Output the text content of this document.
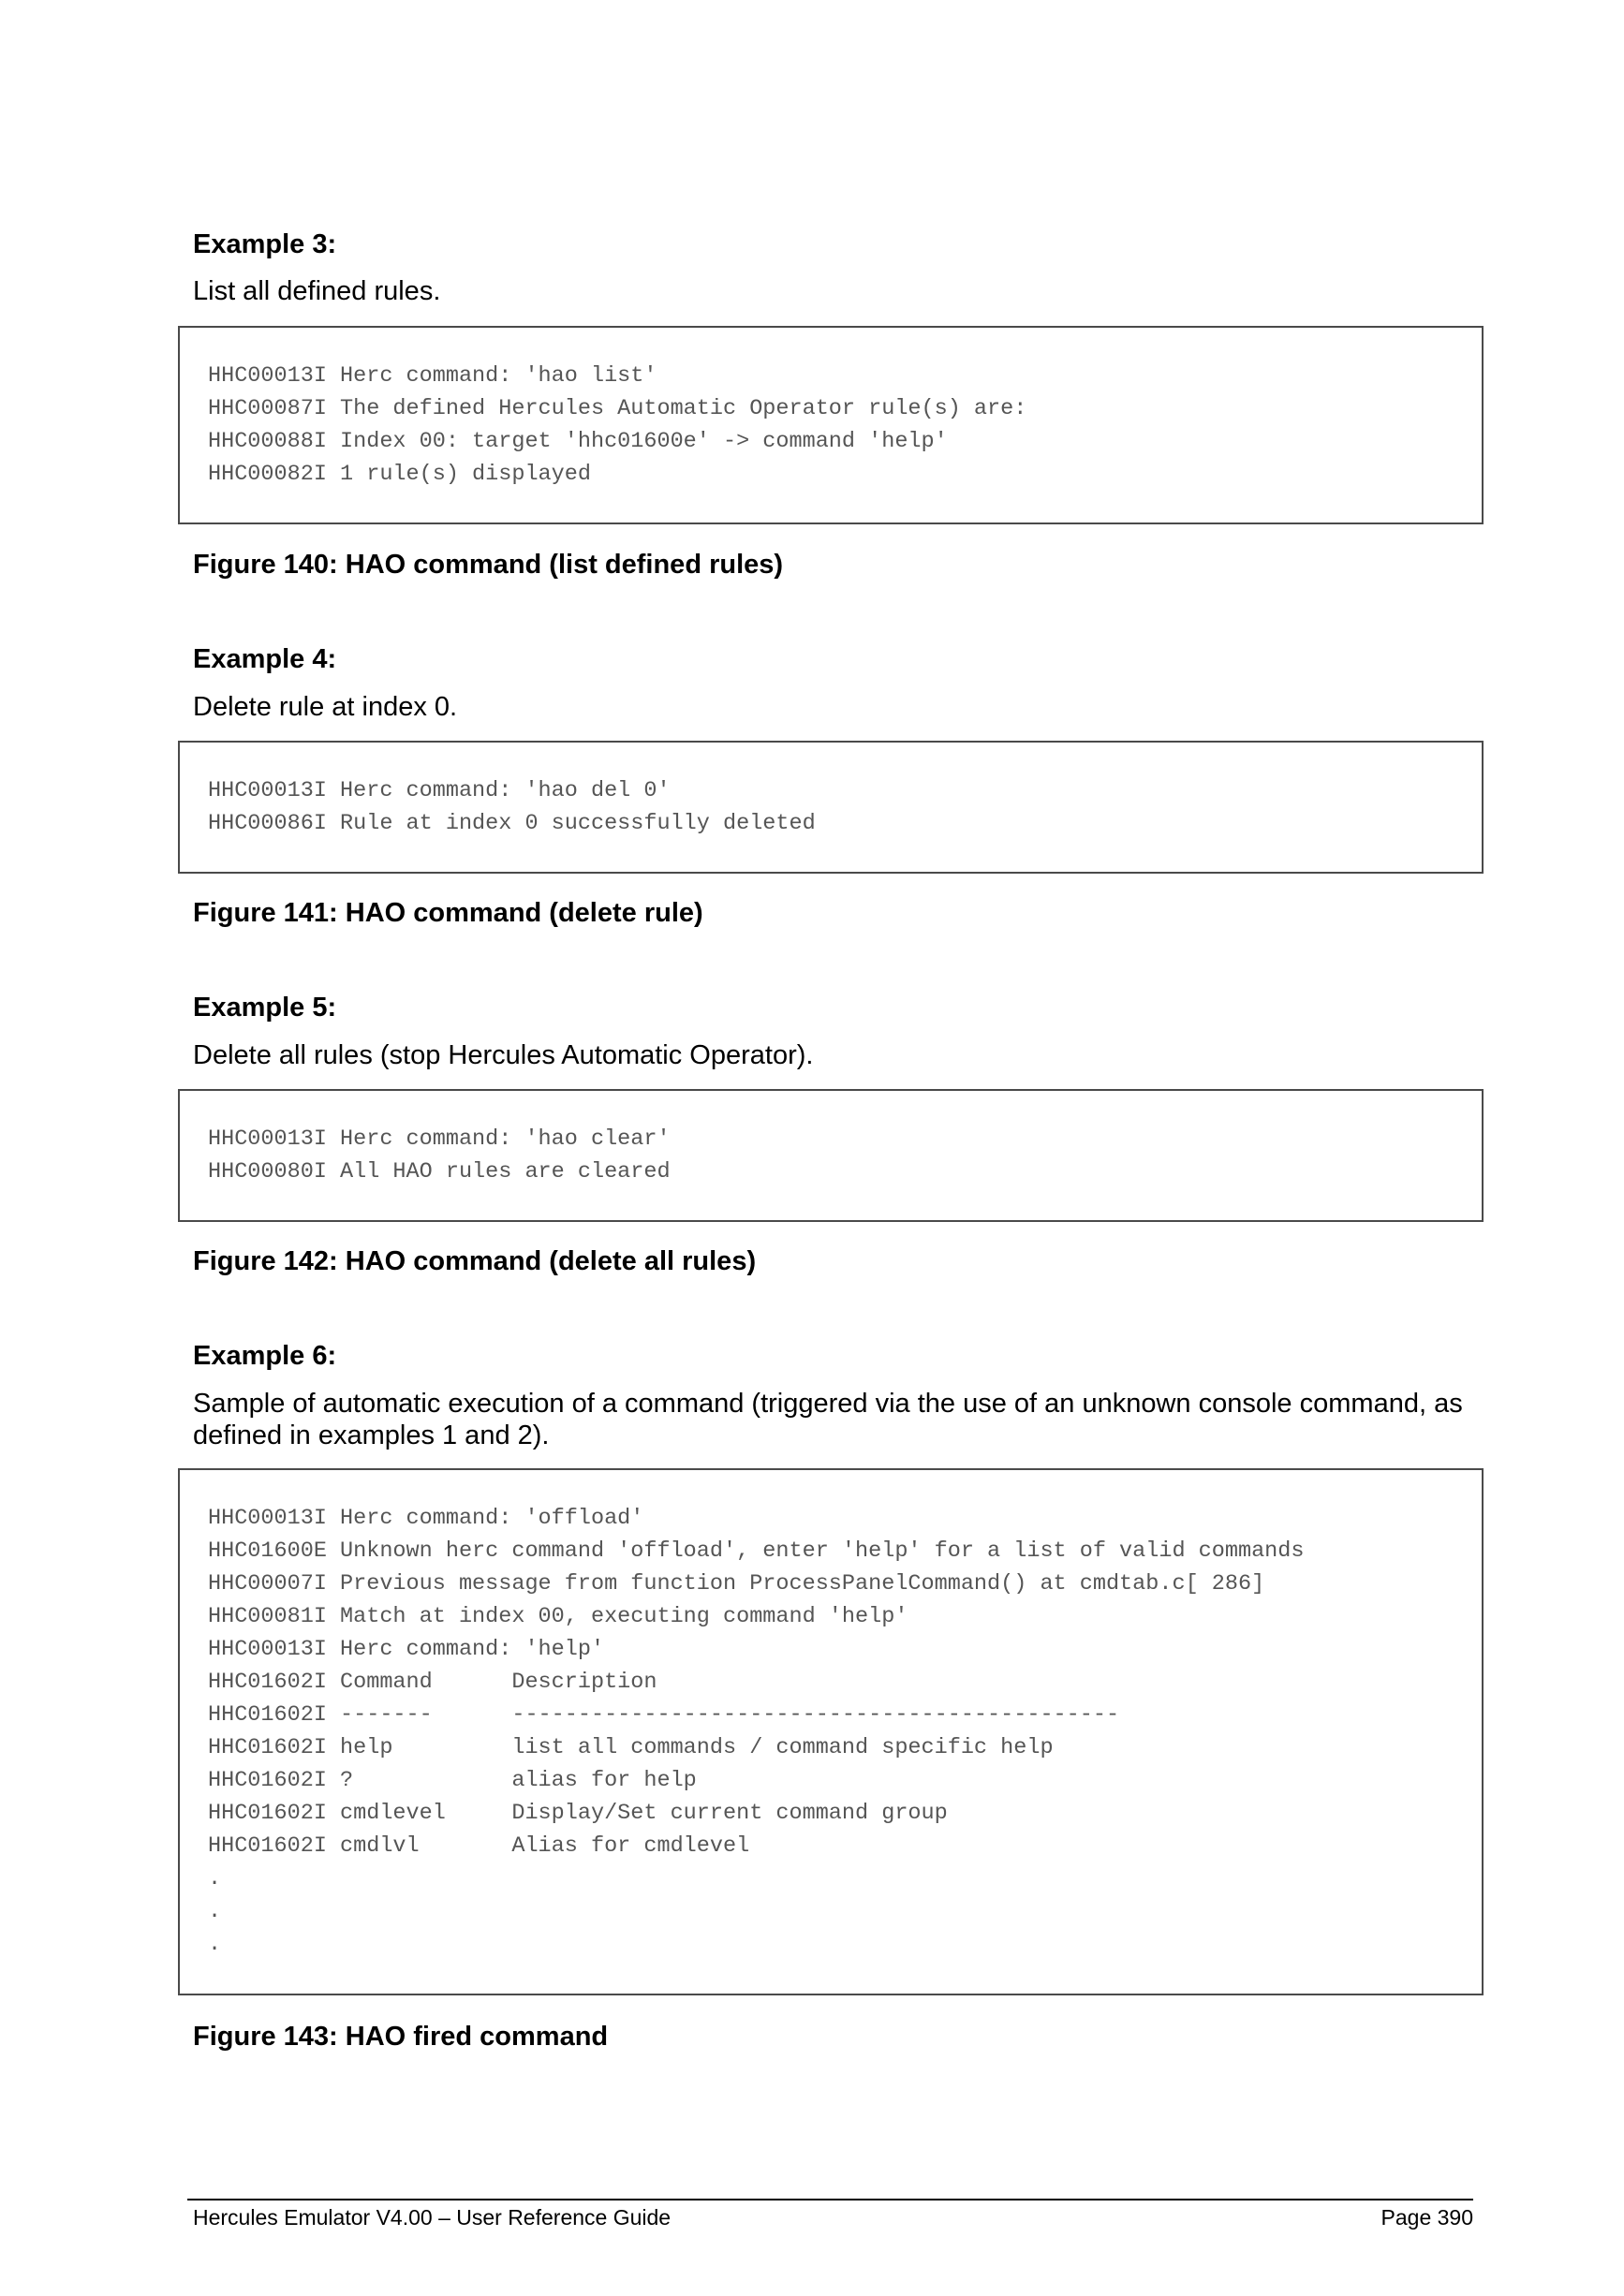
Example 3:
List all defined rules.
HHC00013I Herc command: 'hao list'
HHC00087I The defined Hercules Automatic Operator rule(s) are:
HHC00088I Index 00: target 'hhc01600e' -> command 'help'
HHC00082I 1 rule(s) displayed
Figure 140: HAO command (list defined rules)
Example 4:
Delete rule at index 0.
HHC00013I Herc command: 'hao del 0'
HHC00086I Rule at index 0 successfully deleted
Figure 141: HAO command (delete rule)
Example 5:
Delete all rules (stop Hercules Automatic Operator).
HHC00013I Herc command: 'hao clear'
HHC00080I All HAO rules are cleared
Figure 142: HAO command (delete all rules)
Example 6:
Sample of automatic execution of a command (triggered via the use of an unknown console command, as defined in examples 1 and 2).
HHC00013I Herc command: 'offload'
HHC01600E Unknown herc command 'offload', enter 'help' for a list of valid commands
HHC00007I Previous message from function ProcessPanelCommand() at cmdtab.c[ 286]
HHC00081I Match at index 00, executing command 'help'
HHC00013I Herc command: 'help'
HHC01602I Command      Description
HHC01602I -------      ----------------------------------------------
HHC01602I help         list all commands / command specific help
HHC01602I ?            alias for help
HHC01602I cmdlevel     Display/Set current command group
HHC01602I cmdlvl       Alias for cmdlevel
.
.
.
Figure 143: HAO fired command
Hercules Emulator V4.00 – User Reference Guide	Page 390
